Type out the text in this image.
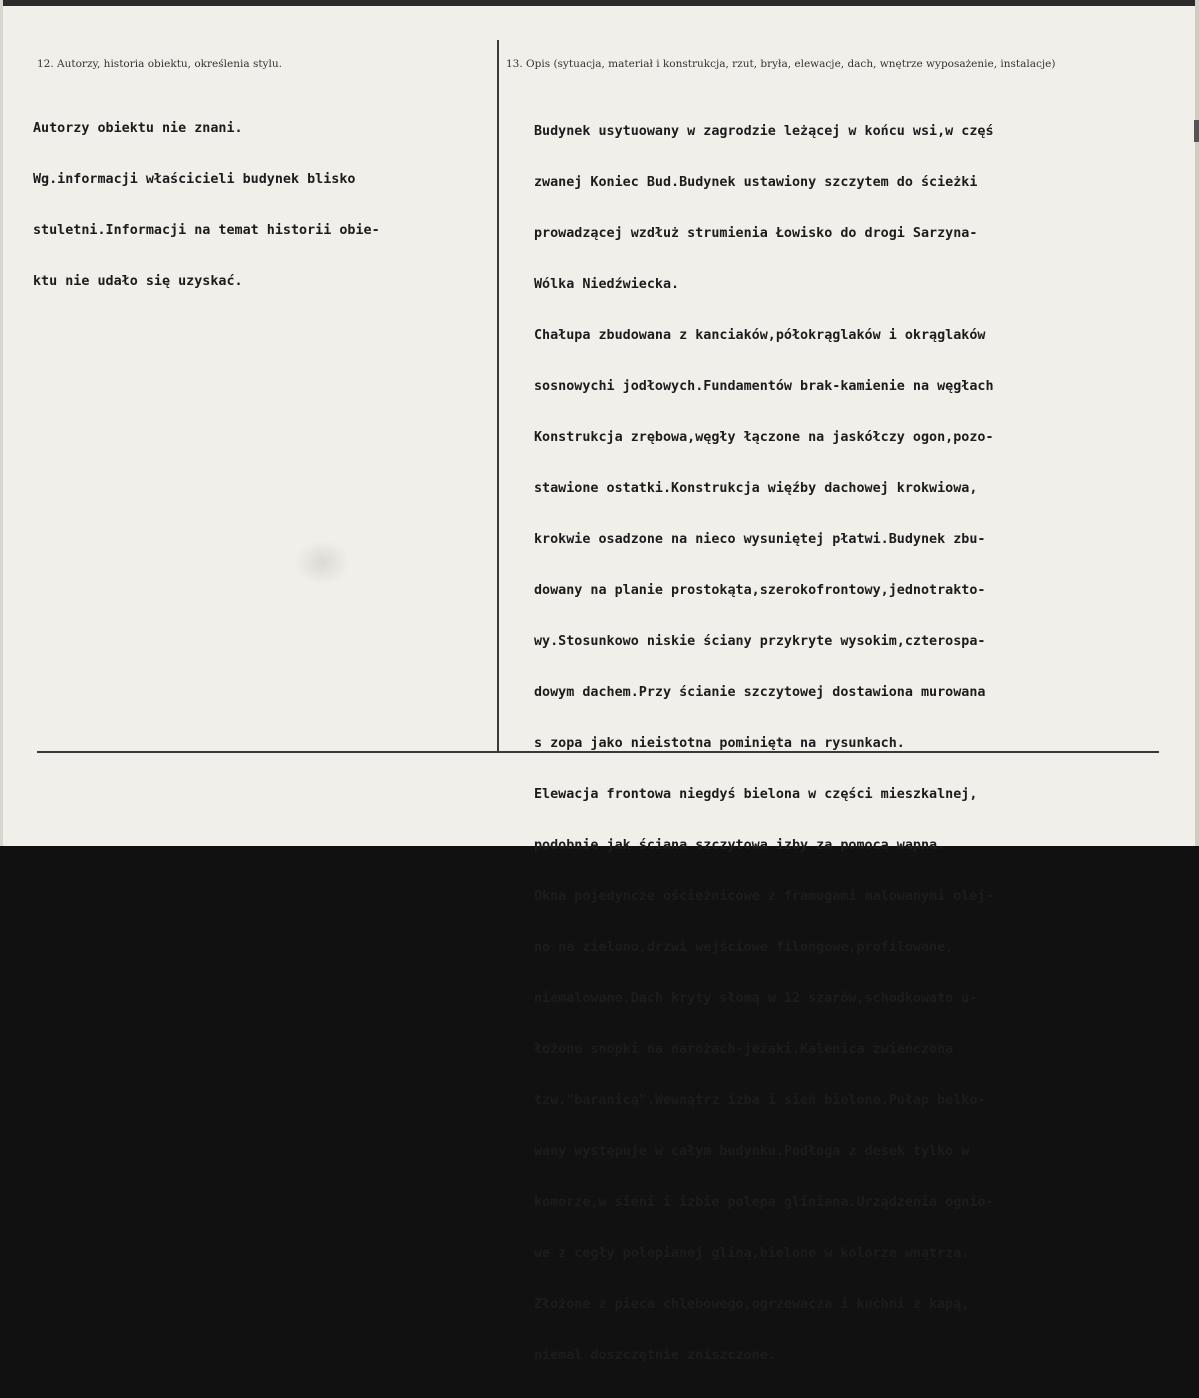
12. Autorzy, historia obiektu, określenia stylu.	13. Opis (sytuacja, materiał i konstrukcja, rzut, bryła, elewacje, dach, wnętrze wyposażenie, instalacje)

Autorzy obiektu nie znani.

Wg.informacji właścicieli budynek blisko

stuletni.Informacji na temat historii obie-

ktu nie udało się uzyskać.

Budynek usytuowany w zagrodzie leżącej w końcu wsi,w częś

zwanej Koniec Bud.Budynek ustawiony szczytem do ścieżki

prowadzącej wzdłuż strumienia Łowisko do drogi Sarzyna-

Wólka Niedźwiecka.

Chałupa zbudowana z kanciaków,półokrąglaków i okrąglaków

sosnowychi jodłowych.Fundamentów brak-kamienie na węgłach

Konstrukcja zrębowa,węgły łączone na jaskółczy ogon,pozo-

stawione ostatki.Konstrukcja więźby dachowej krokwiowa,

krokwie osadzone na nieco wysuniętej płatwi.Budynek zbu-

dowany na planie prostokąta,szerokofrontowy,jednotrakto-

wy.Stosunkowo niskie ściany przykryte wysokim,czterospa-

dowym dachem.Przy ścianie szczytowej dostawiona murowana

s zopa jako nieistotna pominięta na rysunkach.

Elewacja frontowa niegdyś bielona w części mieszkalnej,

podobnie jak ściana szczytowa izby za pomocą wapna.

Okna pojedyncze ościeżnicowe z framugami malowanymi olej-

no na zielono,drzwi wejściowe filongowe,profilowane,

niemalowane.Dach kryty słomą w 12 szarów,schodkowato u-

łożone snopki na narożach-jeżaki.Kalenica zwieńczona

tzw."baranicą".Wewnątrz izba i sień bielone.Pułap belko-

wany występuje w całym budynku.Podłoga z desek tylko w

komorze,w sieni i izbie polepa gliniana.Urządzenia ognio-

we z cegły polepianej gliną,bielone w kolorze wnątrza.

Złożone z pieca chlebowego,ogrzewacza i kuchni z kapą,

niemal doszczętnie zniszczone.
